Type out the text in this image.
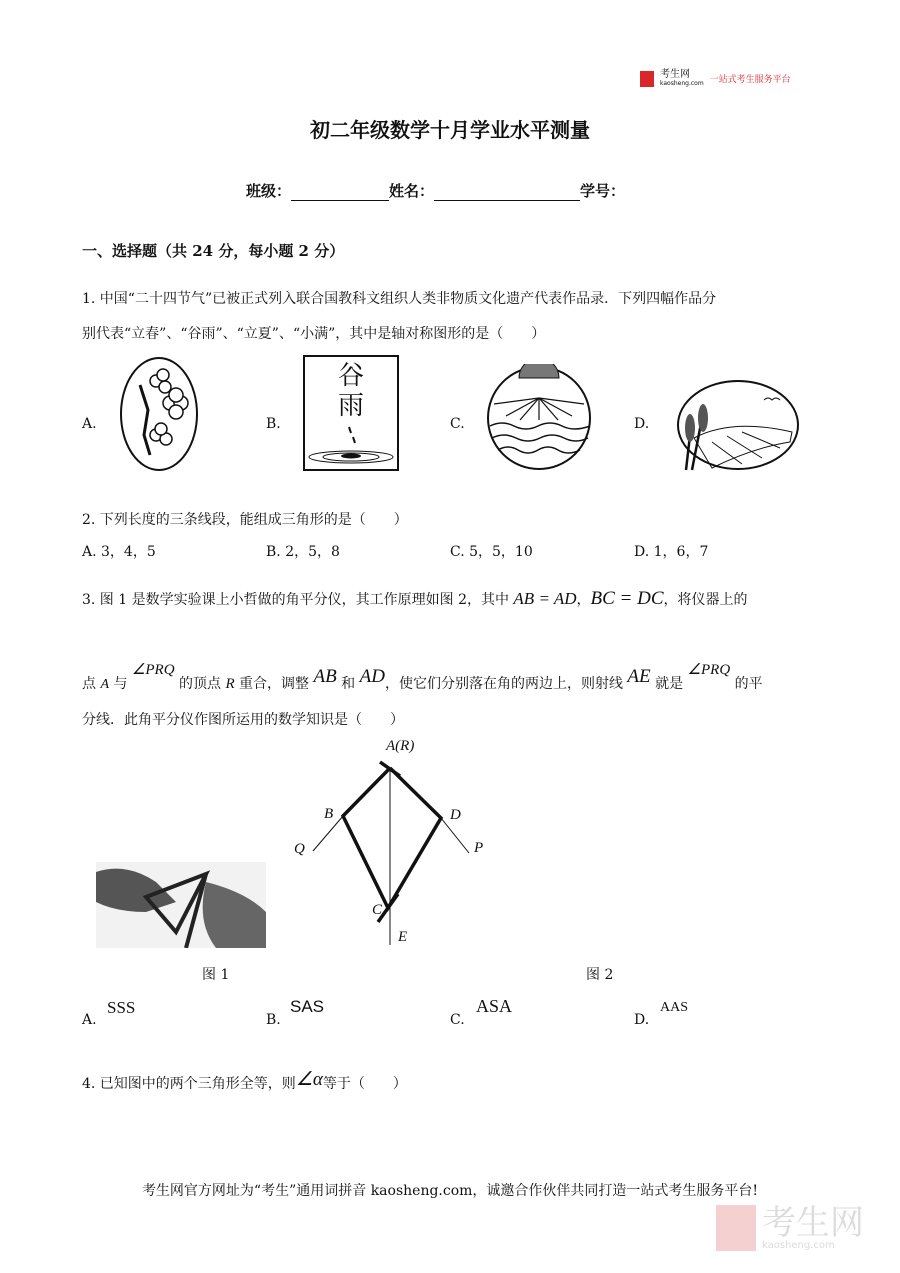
考生网
kaosheng.com 一站式考生服务平台
初二年级数学十月学业水平测量
班级：	姓名：	学号：
一、选择题（共 24 分，每小题 2 分）
1. 中国“二十四节气”已被正式列入联合国教科文组织人类非物质文化遗产代表作品录．下列四幅作品分
别代表“立春”、“谷雨”、“立夏”、“小满”，其中是轴对称图形的是（　　）
A.	B.
谷
雨
C.	D.
2. 下列长度的三条线段，能组成三角形的是（　　）
A. 3，4，5	B. 2，5，8	C. 5，5，10	D. 1，6，7
3. 图 1 是数学实验课上小哲做的角平分仪，其工作原理如图 2，其中 AB = AD，BC = DC，将仪器上的
点 A 与 ∠PRQ 的顶点 R 重合，调整 AB 和 AD，使它们分别落在角的两边上，则射线 AE 就是 ∠PRQ 的平
分线．此角平分仪作图所运用的数学知识是（　　）
图 1
A(R)
B	D
Q	P
C
E
图 2
A.
SSS
B.
SAS
C.
ASA
D.
AAS
4. 已知图中的两个三角形全等，则∠α等于（　　）
考生网官方网址为“考生”通用词拼音 kaosheng.com，诚邀合作伙伴共同打造一站式考生服务平台!
考生网
kaosheng.com
